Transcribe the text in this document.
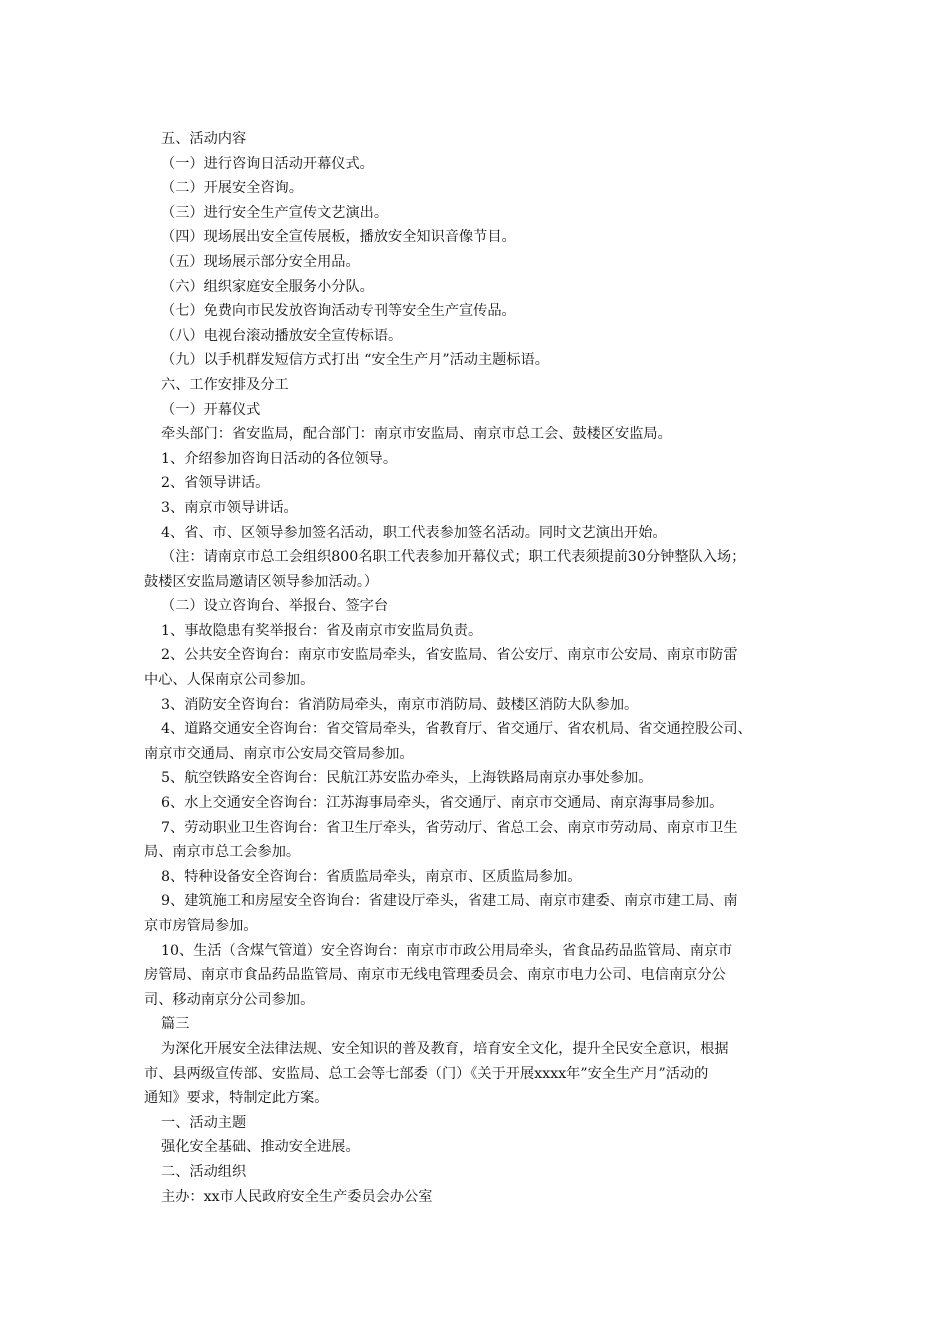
五、活动内容
（一）进行咨询日活动开幕仪式。
（二）开展安全咨询。
（三）进行安全生产宣传文艺演出。
（四）现场展出安全宣传展板，播放安全知识音像节目。
（五）现场展示部分安全用品。
（六）组织家庭安全服务小分队。
（七）免费向市民发放咨询活动专刊等安全生产宣传品。
（八）电视台滚动播放安全宣传标语。
（九）以手机群发短信方式打出 “安全生产月”活动主题标语。
六、工作安排及分工
（一）开幕仪式
牵头部门：省安监局，配合部门：南京市安监局、南京市总工会、鼓楼区安监局。
1、介绍参加咨询日活动的各位领导。
2、省领导讲话。
3、南京市领导讲话。
4、省、市、区领导参加签名活动，职工代表参加签名活动。同时文艺演出开始。
（注：请南京市总工会组织800名职工代表参加开幕仪式；职工代表须提前30分钟整队入场；
鼓楼区安监局邀请区领导参加活动。）
（二）设立咨询台、举报台、签字台
1、事故隐患有奖举报台：省及南京市安监局负责。
2、公共安全咨询台：南京市安监局牵头，省安监局、省公安厅、南京市公安局、南京市防雷
中心、人保南京公司参加。
3、消防安全咨询台：省消防局牵头，南京市消防局、鼓楼区消防大队参加。
4、道路交通安全咨询台：省交管局牵头，省教育厅、省交通厅、省农机局、省交通控股公司、
南京市交通局、南京市公安局交管局参加。
5、航空铁路安全咨询台：民航江苏安监办牵头，上海铁路局南京办事处参加。
6、水上交通安全咨询台：江苏海事局牵头，省交通厅、南京市交通局、南京海事局参加。
7、劳动职业卫生咨询台：省卫生厅牵头，省劳动厅、省总工会、南京市劳动局、南京市卫生
局、南京市总工会参加。
8、特种设备安全咨询台：省质监局牵头，南京市、区质监局参加。
9、建筑施工和房屋安全咨询台：省建设厅牵头，省建工局、南京市建委、南京市建工局、南
京市房管局参加。
10、生活（含煤气管道）安全咨询台：南京市市政公用局牵头，省食品药品监管局、南京市
房管局、南京市食品药品监管局、南京市无线电管理委员会、南京市电力公司、电信南京分公
司、移动南京分公司参加。
篇三
为深化开展安全法律法规、安全知识的普及教育，培育安全文化，提升全民安全意识，根据
市、县两级宣传部、安监局、总工会等七部委（门）《关于开展xxxx年”安全生产月”活动的
通知》要求，特制定此方案。
一、活动主题
强化安全基础、推动安全进展。
二、活动组织
主办：xx市人民政府安全生产委员会办公室
